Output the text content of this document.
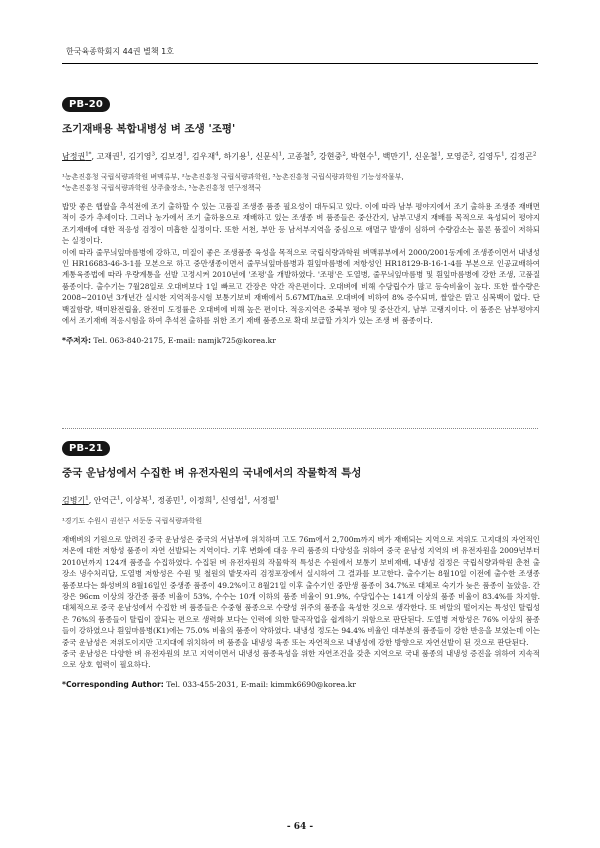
한국육종학회지 44권 별책 1호
PB-20
조기재배용 복합내병성 벼 조생 '조평'
남정권$^{1*}$, 고재권$^1$, 김기영$^3$, 김보경$^1$, 김우재$^4$, 하기용$^1$, 신문식$^1$, 고종철$^5$, 강현중$^2$, 박현수$^1$, 백만기$^1$, 신운철$^1$, 모영준$^2$, 김영두$^1$, 김정곤$^2$
¹농촌진흥청 국립식량과학원 벼맥류부, ²농촌진흥청 국립식량과학원, ³농촌진흥청 국립식량과학원 기능성작물부,
⁴농촌진흥청 국립식량과학원 상주출장소, ⁵농촌진흥청 연구정책국

밥맛 좋은 햅쌀을 추석전에 조기 출하할 수 있는 고품질 조생종 품종 필요성이 대두되고 있다. 이에 따라 남부 평야지에서 조기 출하용 조생종 재배면적이 증가 추세이다. 그러나 농가에서 조기 출하용으로 재배하고 있는 조생종 벼 품종들은 중산간지, 남부고냉지 재배를 목적으로 육성되어 평야지 조기재배에 대한 적응성 검정이 미흡한 실정이다. 또한 서천, 부안 등 남서부지역을 중심으로 애멸구 발생이 심하여 수량감소는 물론 품질이 저하되는 실정이다.

이에 따라 줄무늬잎마름병에 강하고, 미질이 좋은 조생품종 육성을 목적으로 국립식량과학원 벼맥류부에서 2000/2001동계에 조생종이면서 내냉성인 HR16683-46-3-1를 모본으로 하고 중만생종이면서 줄무늬잎마름병과 흰잎마름병에 저항성인 HR18129-B-16-1-4를 부본으로 인공교배하여 계통육종법에 따라 우량계통을 선발 고정시켜 2010년에 '조평'을 개발하였다. '조평'은 도열병, 줄무늬잎마름병 및 흰잎마름병에 강한 조생, 고품질 품종이다. 출수기는 7월28일로 오대벼보다 1일 빠르고 간장은 약간 작은편이다. 오대벼에 비해 수당립수가 많고 등숙비율이 높다. 또한 쌀수량은 2008∼2010년 3개년간 실시한 지역적응시험 보통기보비 재배에서 5.67MT/ha로 오대벼에 비하여 8% 증수되며, 쌀알은 맑고 심복백이 없다. 단백질함량, 백미완전립율, 완전미 도정률은 오대벼에 비해 높은 편이다. 적응지역은 중북부 평야 및 중산간지, 남부 고랭지이다. 이 품종은 남부평야지에서 조기재배 적응시험을 하여 추석전 출하를 위한 조기 재배 품종으로 확대 보급할 가치가 있는 조생 벼 품종이다.

*주저자: Tel. 063-840-2175, E-mail: namjk725@korea.kr
PB-21
중국 운남성에서 수집한 벼 유전자원의 국내에서의 작물학적 특성
김병기$^1$, 안억근$^1$, 이상복$^1$, 정종민$^1$, 이정희$^1$, 신영섭$^1$, 서정필$^1$
¹경기도 수원시 권선구 서둔동 국립식량과학원

재배벼의 기원으로 알려진 중국 운남성은 중국의 서남부에 위치하며 고도 76m에서 2,700m까지 벼가 재배되는 지역으로 저위도 고지대의 자연적인 저온에 대한 저항성 품종이 자연 선발되는 지역이다. 기후 변화에 대응 우리 품종의 다양성을 위하여 중국 운남성 지역의 벼 유전자원을 2009년부터 2010년까지 124개 품종을 수집하였다. 수집된 벼 유전자원의 작물학적 특성은 수원에서 보통기 보비재배, 내냉성 검정은 국립식량과학원 춘천 출장소 냉수처리답, 도열병 저항성은 수원 및 철원의 밭못자리 검정포장에서 실시하여 그 결과를 보고한다. 출수기는 8월10일 이전에 출수한 조생종 품종보다는 화성벼의 8월16일인 중생종 품종이 49.2%이고 8월21일 이후 출수기인 중만생 품종이 34.7%로 대체로 숙기가 늦은 품종이 높았음. 간장은 96cm 이상의 장간종 품종 비율이 53%, 수수는 10개 이하의 품종 비율이 91.9%, 수당입수는 141개 이상의 품종 비율이 83.4%를 차지함. 대체적으로 중국 운남성에서 수집한 벼 품종들은 수중형 품종으로 수량성 위주의 품종을 육성한 것으로 생각한다. 또 벼알의 떨어지는 특성인 탈립성은 76%의 품종들이 탈립이 잘되는 편으로 생력화 보다는 인력에 의한 탈곡작업을 쉽게하기 위함으로 판단된다. 도열병 저항성은 76% 이상의 품종들이 강하였으나 흰잎마름병(K1)에는 75.0% 비율의 품종이 약하였다. 내냉성 정도는 94.4% 비율인 대부분의 품종들이 강한 반응을 보였는데 이는 중국 운남성은 저위도이지만 고지대에 위치하여 벼 품종을 내냉성 육종 또는 자연적으로 내냉성에 강한 방향으로 자연선발이 된 것으로 판단된다.

중국 운남성은 다양한 벼 유전자원의 보고 지역이면서 내냉성 품종육성을 위한 자연조건을 갖춘 지역으로 국내 품종의 내냉성 증진을 위하여 지속적으로 상호 협력이 필요하다.

*Corresponding Author: Tel. 033-455-2031, E-mail: kimmk6690@korea.kr
- 64 -
